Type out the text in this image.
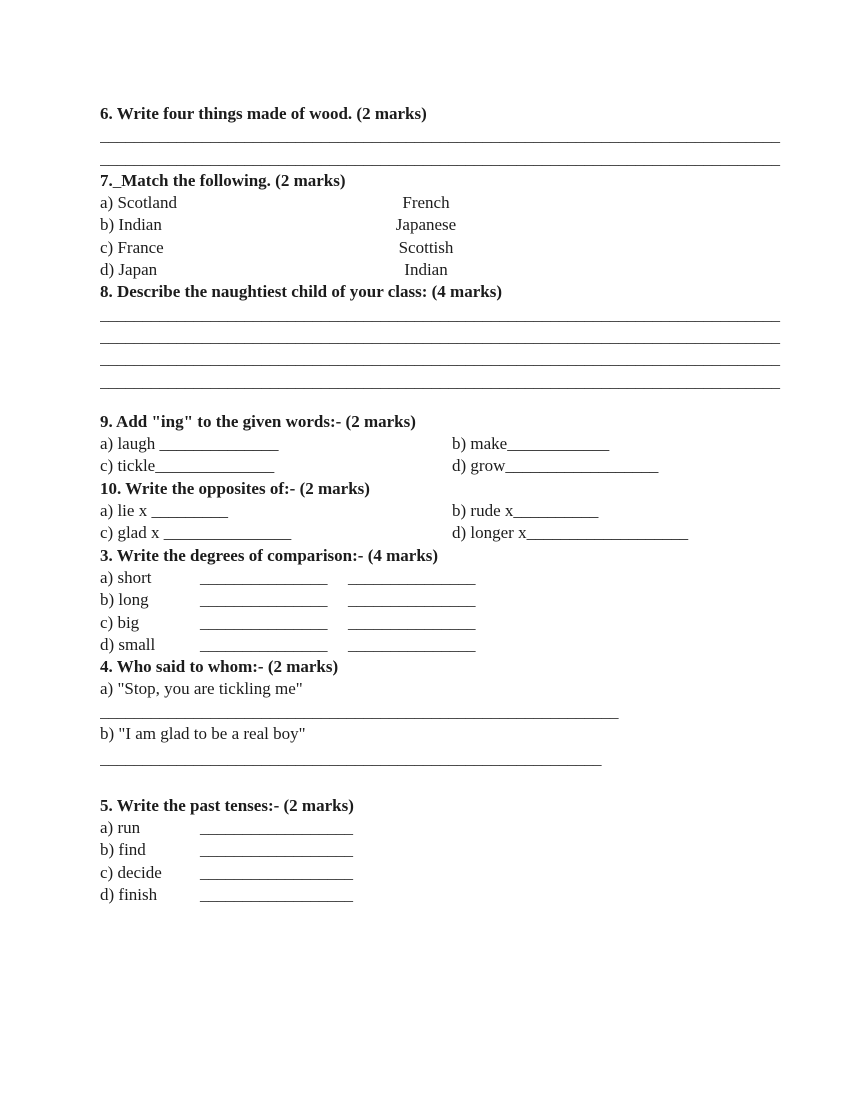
6. Write four things made of wood. (2 marks)
________________________________________________________________________________
________________________________________________________________________________
7._Match the following. (2 marks)
a) Scotland	French
b) Indian	Japanese
c) France	Scottish
d) Japan	Indian
8. Describe the naughtiest child of your class: (4 marks)
________________________________________________________________________________
________________________________________________________________________________
________________________________________________________________________________
________________________________________________________________________________
9. Add "ing" to the given words:- (2 marks)
a) laugh ______________	b) make____________
c) tickle______________	d) grow__________________
10. Write the opposites of:- (2 marks)
a) lie x _________	b) rude x__________
c) glad x _______________	d) longer x___________________
3. Write the degrees of comparison:- (4 marks)
a) short	_______________	_______________
b) long	_______________	_______________
c) big	_______________	_______________
d) small	_______________	_______________
4. Who said to whom:- (2 marks)
a) "Stop, you are tickling me"
_____________________________________________________________
b) "I am glad to be a real boy"
___________________________________________________________
5. Write the past tenses:- (2 marks)
a) run	__________________
b) find	__________________
c) decide	__________________
d) finish	__________________
